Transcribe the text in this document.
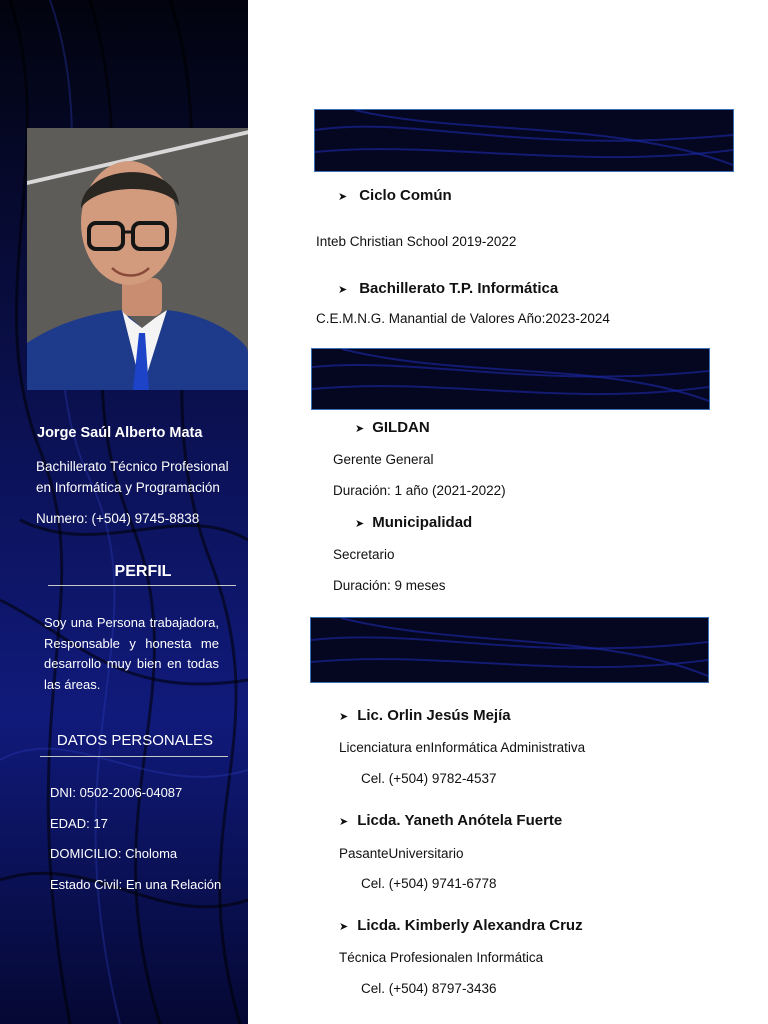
Jorge Saúl Alberto Mata
Bachillerato Técnico Profesional en Informática y Programación
Numero: (+504) 9745-8838
PERFIL
Soy una Persona trabajadora, Responsable y honesta me desarrollo muy bien en todas las áreas.
DATOS PERSONALES
DNI: 0502-2006-04087
EDAD: 17
DOMICILIO: Choloma
Estado Civil: En una Relación
➤ Ciclo Común
Inteb Christian School 2019-2022
➤ Bachillerato T.P. Informática
C.E.M.N.G. Manantial de Valores Año:2023-2024
➤ GILDAN
Gerente General
Duración: 1 año (2021-2022)
➤ Municipalidad
Secretario
Duración: 9 meses
➤ Lic. Orlin Jesús Mejía
Licenciatura enInformática Administrativa
Cel. (+504) 9782-4537
➤ Licda. Yaneth Anótela Fuerte
PasanteUniversitario
Cel. (+504) 9741-6778
➤ Licda. Kimberly Alexandra Cruz
Técnica Profesionalen Informática
Cel. (+504) 8797-3436
